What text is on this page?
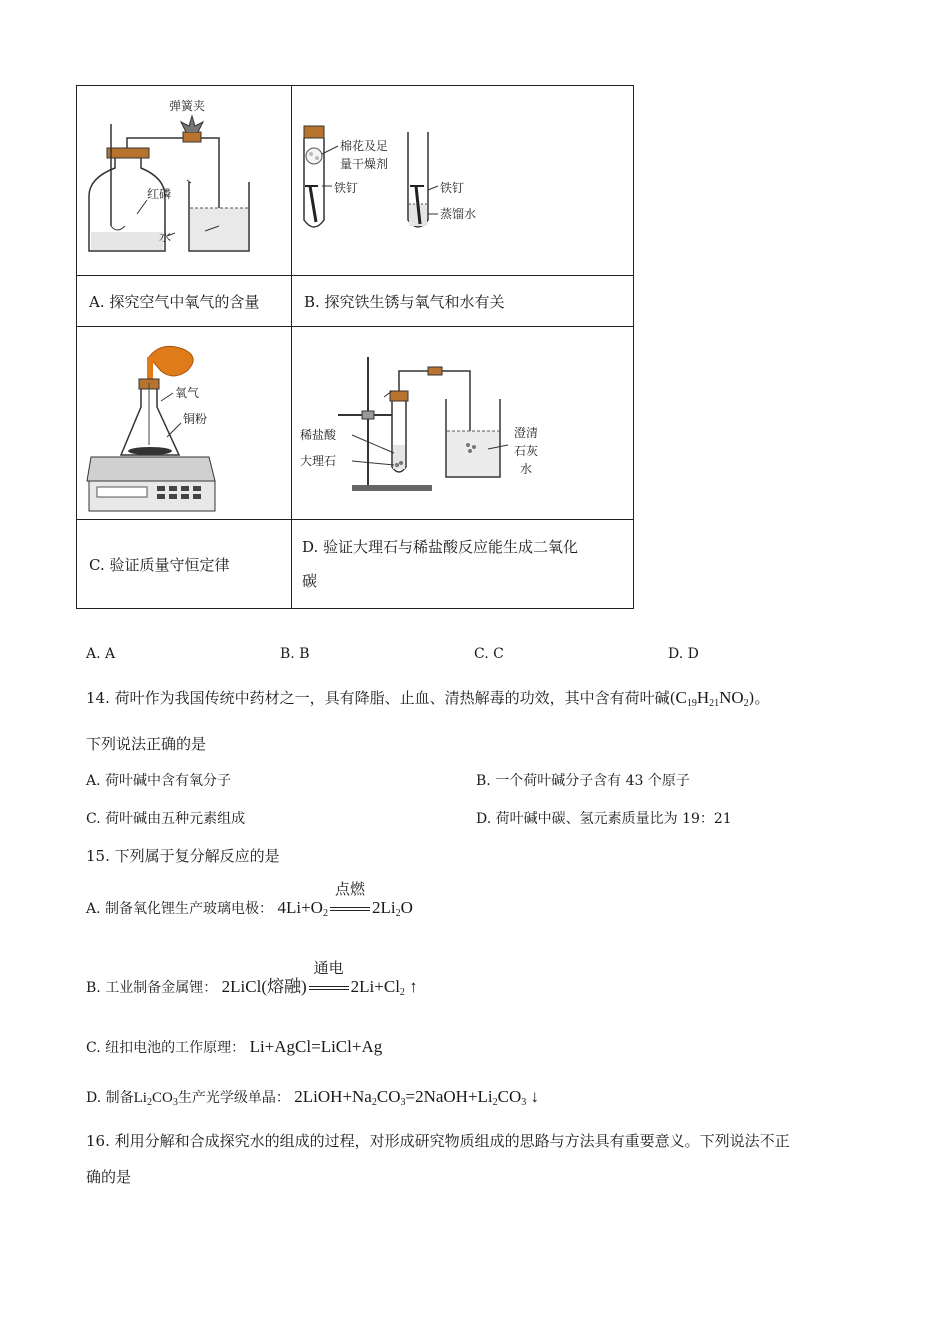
弹簧夹
红磷
水	棉花及足
量干燥剂
铁钉 铁钉
蒸馏水

A. 探究空气中氧气的含量	B. 探究铁生锈与氧气和水有关

氧气
铜粉	稀盐酸
大理石
澄清
石灰
水

C. 验证质量守恒定律	D. 验证大理石与稀盐酸反应能生成二氧化
碳
A. A	B. B	C. C	D. D
14. 荷叶作为我国传统中药材之一，具有降脂、止血、清热解毒的功效，其中含有荷叶碱$(C_{19}H_{21}NO_2)$。
下列说法正确的是
A. 荷叶碱中含有氧分子	B. 一个荷叶碱分子含有 43 个原子
C. 荷叶碱由五种元素组成	D. 荷叶碱中碳、氢元素质量比为 19：21
15. 下列属于复分解反应的是
A. 制备氧化锂生产玻璃电极： $4Li+O_2$
点燃
$2Li_2O$
B. 工业制备金属锂： 2LiCl(熔融)
通电
$2Li+Cl_2$ ↑
C. 纽扣电池的工作原理： Li+AgCl=LiCl+Ag
D. 制备$Li_2CO_3$生产光学级单晶： $2LiOH+Na_2CO_3=2NaOH+Li_2CO_3$ ↓
16. 利用分解和合成探究水的组成的过程，对形成研究物质组成的思路与方法具有重要意义。下列说法不正
确的是
